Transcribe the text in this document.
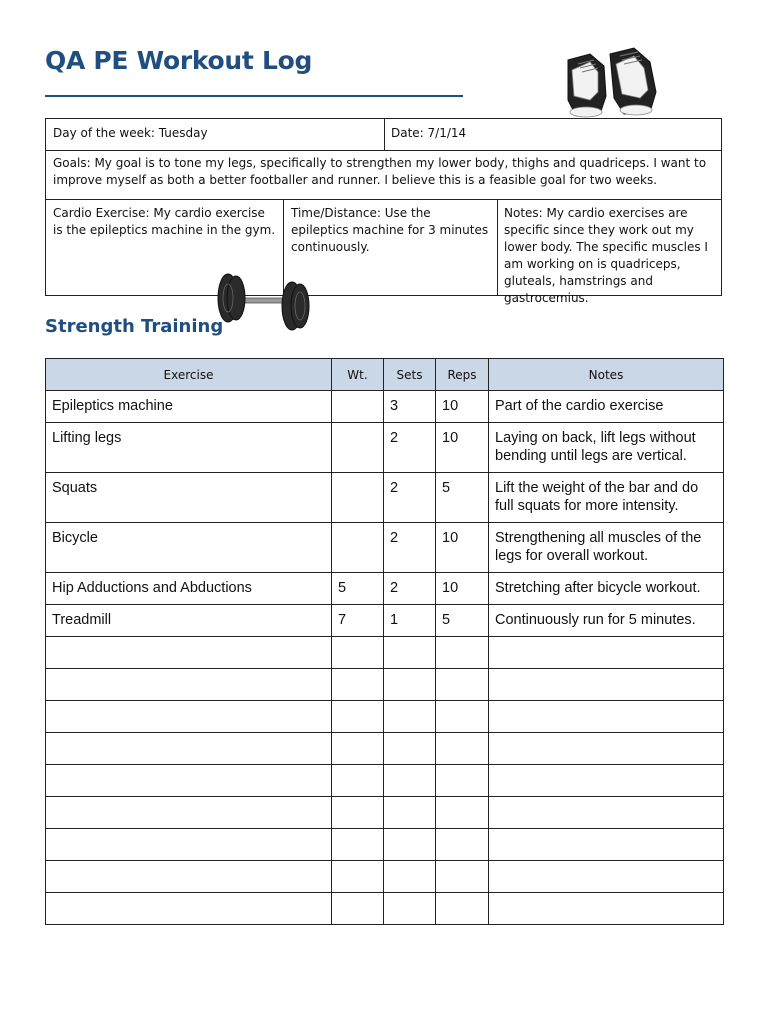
QA PE Workout Log
Day of the week: Tuesday	Date: 7/1/14
Goals: My goal is to tone my legs, specifically to strengthen my lower body, thighs and quadriceps. I want to improve myself as both a better footballer and runner. I believe this is a feasible goal for two weeks.
Cardio Exercise: My cardio exercise is the epileptics machine in the gym.
Time/Distance: Use the epileptics machine for 3 minutes continuously.
Notes: My cardio exercises are specific since they work out my lower body. The specific muscles I am working on is quadriceps, gluteals, hamstrings and gastrocemius.
Strength Training
Exercise	Wt.	Sets	Reps	Notes
Epileptics machine		3	10	Part of the cardio exercise
Lifting legs		2	10	Laying on back, lift legs without bending until legs are vertical.
Squats		2	5	Lift the weight of the bar and do full squats for more intensity.
Bicycle		2	10	Strengthening all muscles of the legs for overall workout.
Hip Adductions and Abductions	5	2	10	Stretching after bicycle workout.
Treadmill	7	1	5	Continuously run for 5 minutes.
